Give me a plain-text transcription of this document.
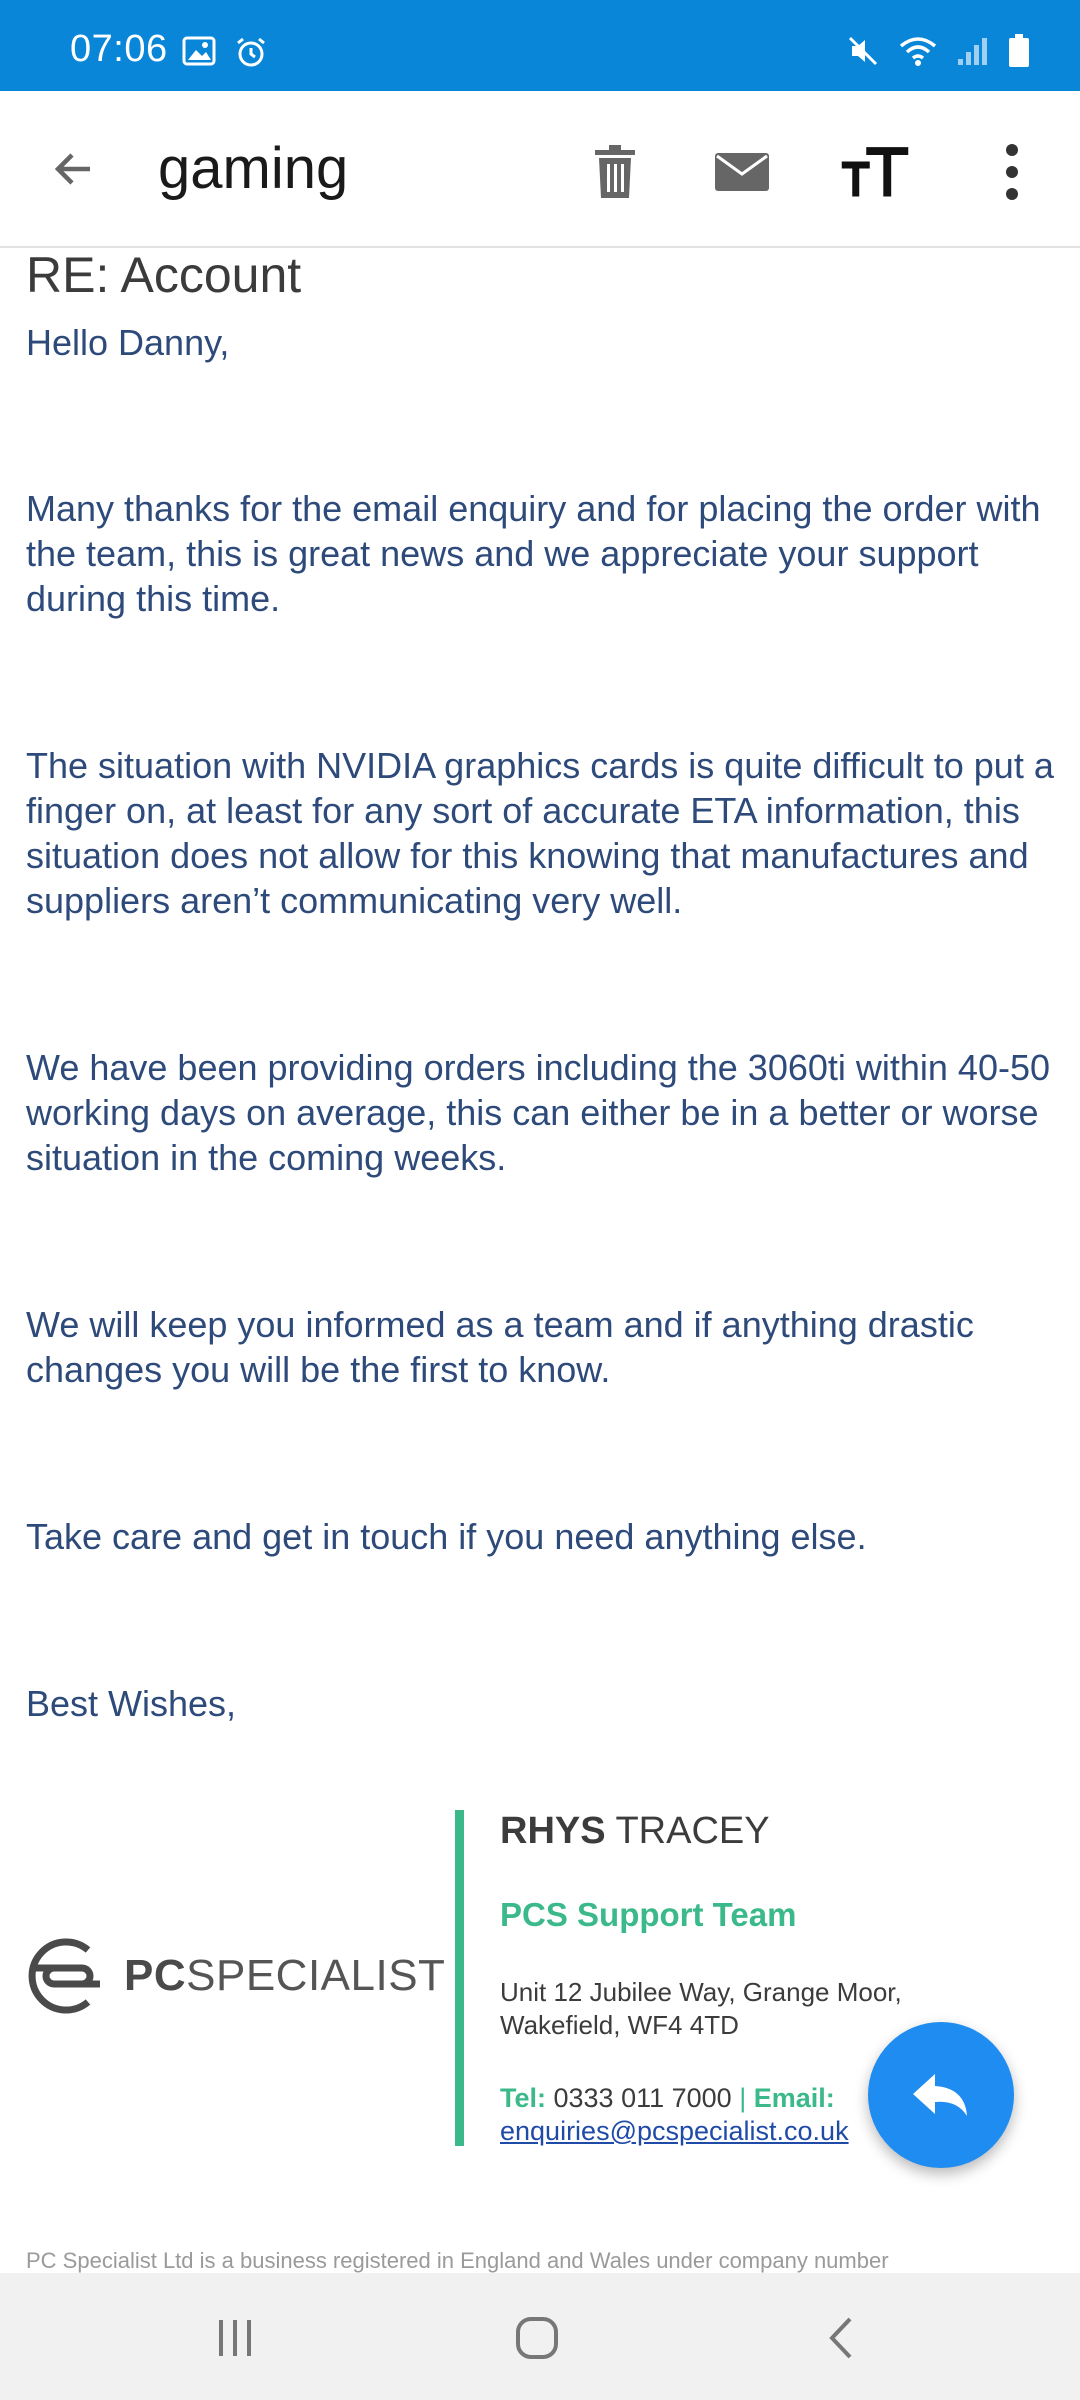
07:06
gaming
RE: Account
Hello Danny,
Many thanks for the email enquiry and for placing the order with the team, this is great news and we appreciate your support during this time.
The situation with NVIDIA graphics cards is quite difficult to put a finger on, at least for any sort of accurate ETA information, this situation does not allow for this knowing that manufactures and suppliers aren’t communicating very well.
We have been providing orders including the 3060ti within 40-50 working days on average, this can either be in a better or worse situation in the coming weeks.
We will keep you informed as a team and if anything drastic changes you will be the first to know.
Take care and get in touch if you need anything else.
Best Wishes,
PCSPECIALIST
RHYS TRACEY
PCS Support Team
Unit 12 Jubilee Way, Grange Moor,
Wakefield, WF4 4TD
Tel: 0333 011 7000 | Email:
enquiries@pcspecialist.co.uk
PC Specialist Ltd is a business registered in England and Wales under company number
